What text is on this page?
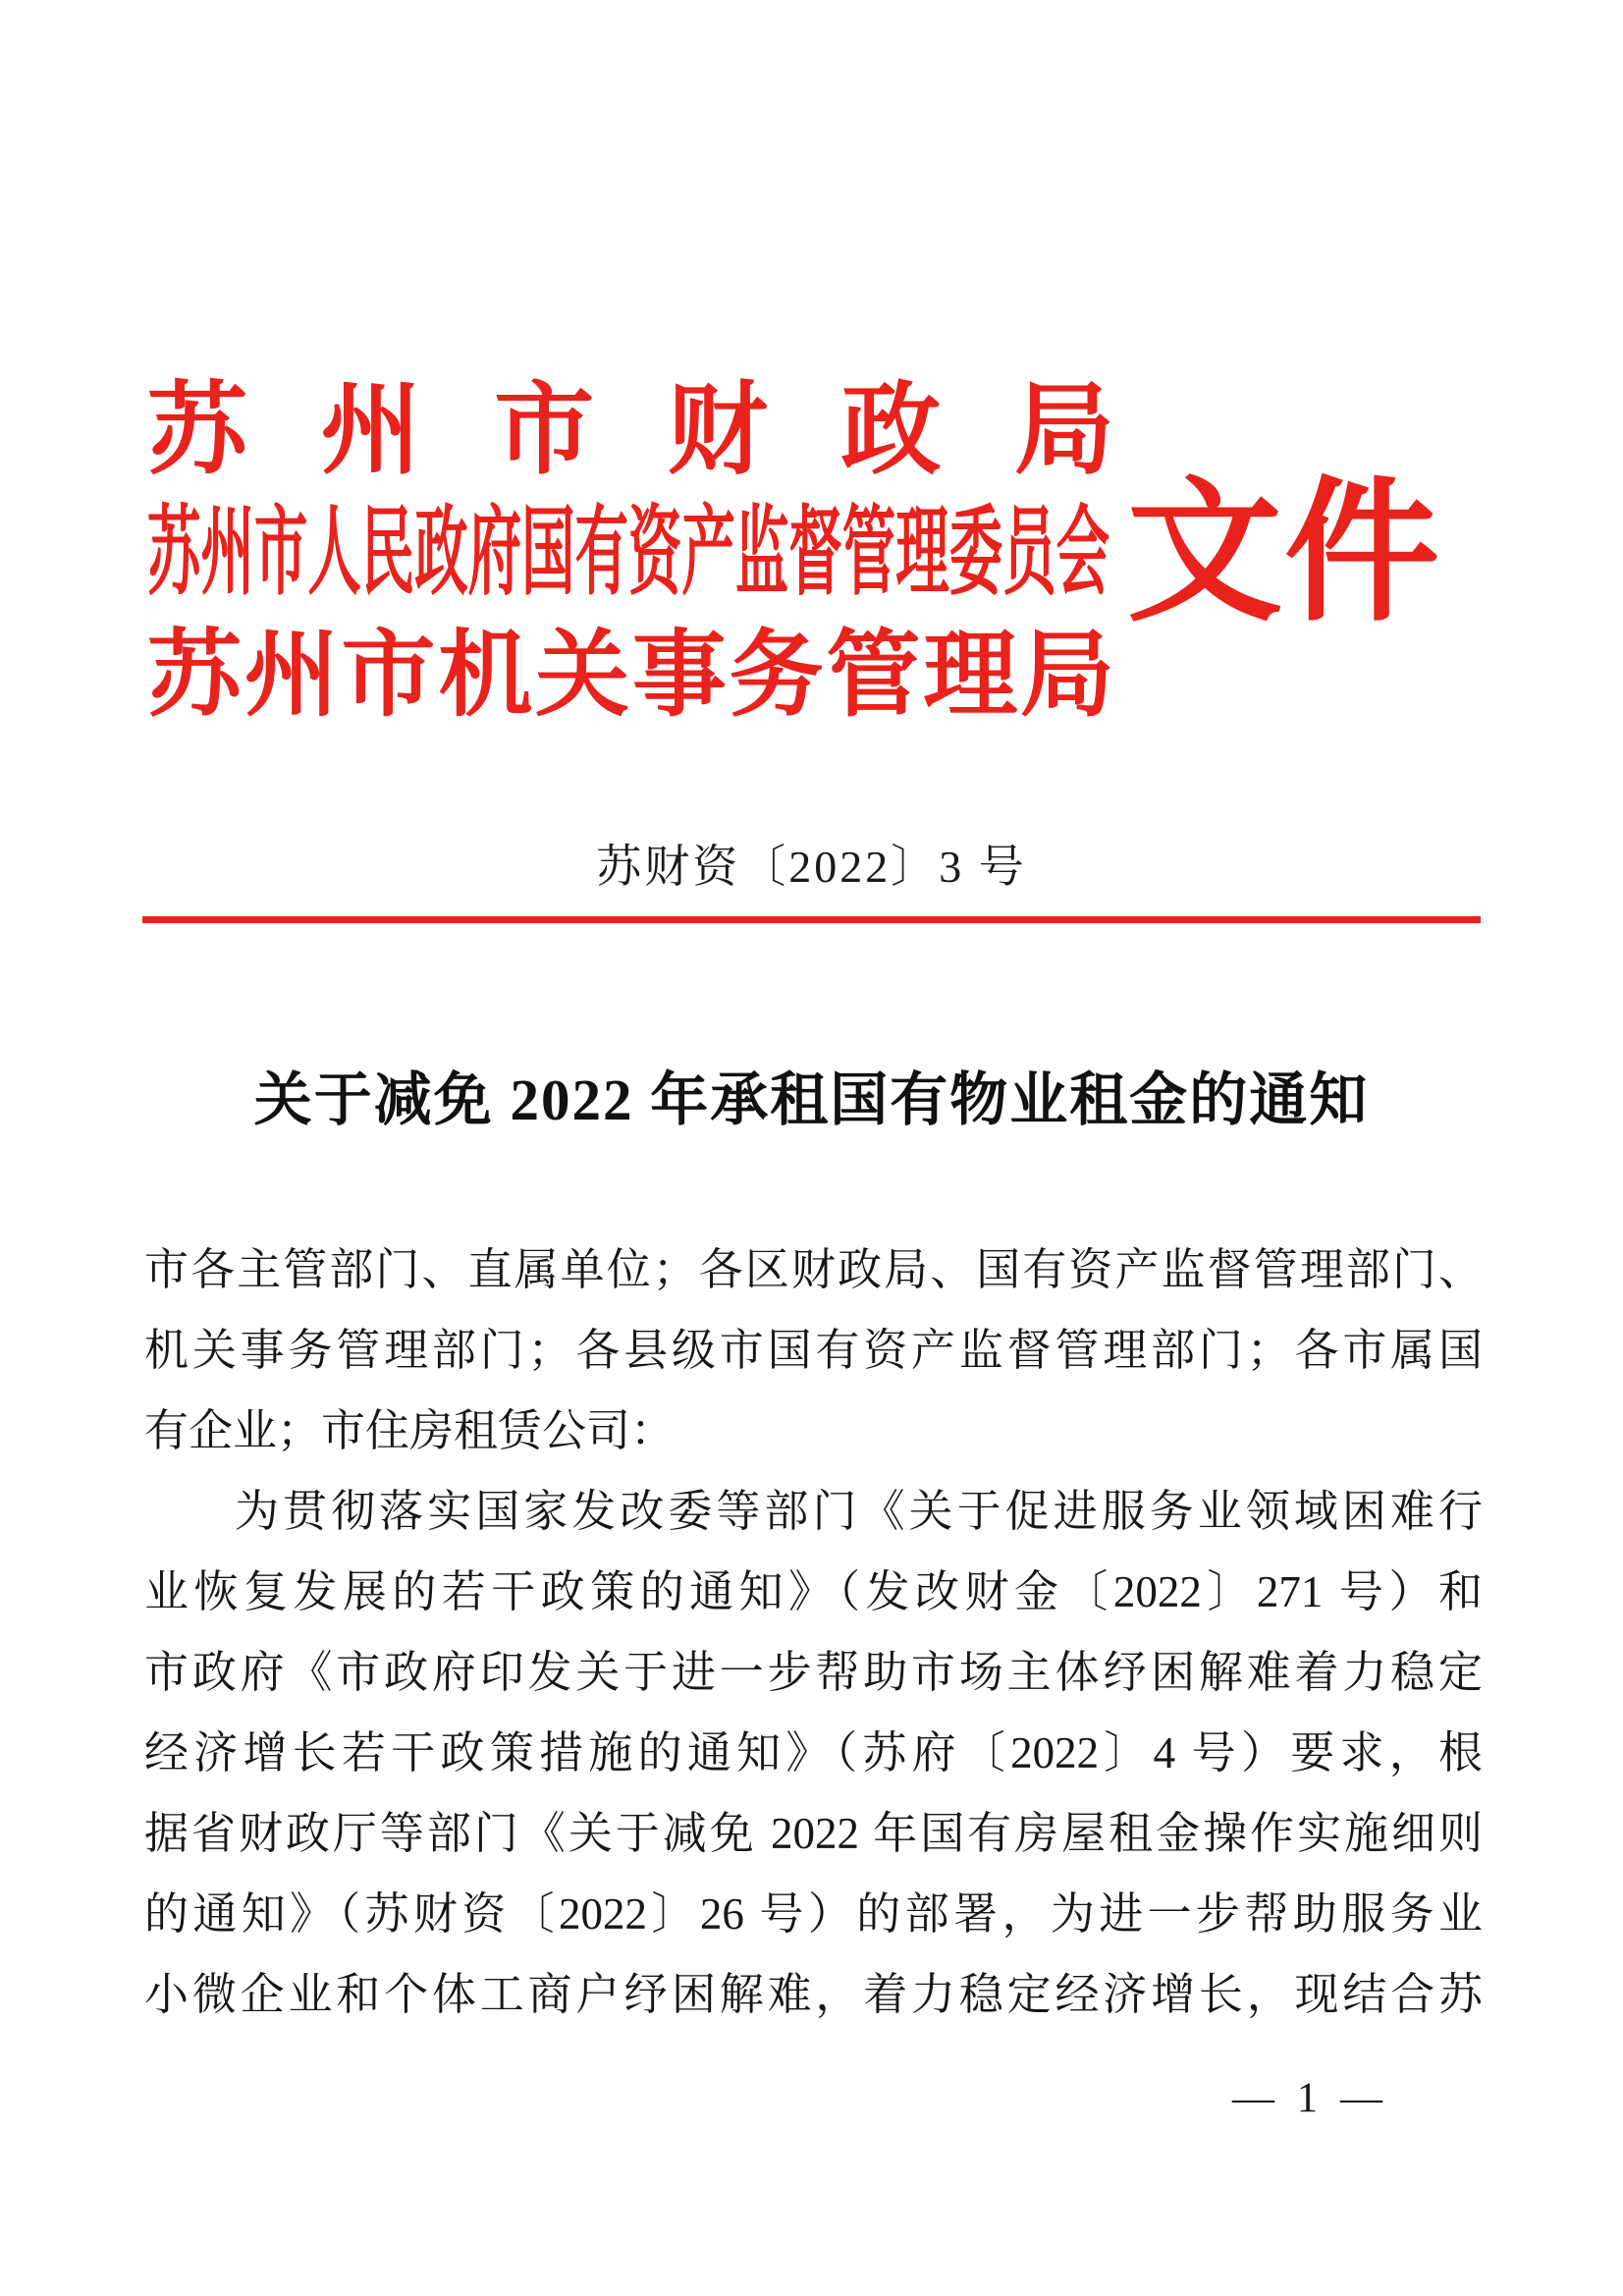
苏州市财政局
苏州市人民政府国有资产监督管理委员会
苏州市机关事务管理局
文件
苏财资〔2022〕3 号
关于减免 2022 年承租国有物业租金的通知
市各主管部门、直属单位；各区财政局、国有资产监督管理部门、
机关事务管理部门；各县级市国有资产监督管理部门；各市属国
有企业；市住房租赁公司：
为贯彻落实国家发改委等部门《关于促进服务业领域困难行
业恢复发展的若干政策的通知》（发改财金〔2022〕271 号）和
市政府《市政府印发关于进一步帮助市场主体纾困解难着力稳定
经济增长若干政策措施的通知》（苏府〔2022〕4 号）要求，根
据省财政厅等部门《关于减免 2022 年国有房屋租金操作实施细则
的通知》（苏财资〔2022〕26 号）的部署，为进一步帮助服务业
小微企业和个体工商户纾困解难，着力稳定经济增长，现结合苏
— 1 —
